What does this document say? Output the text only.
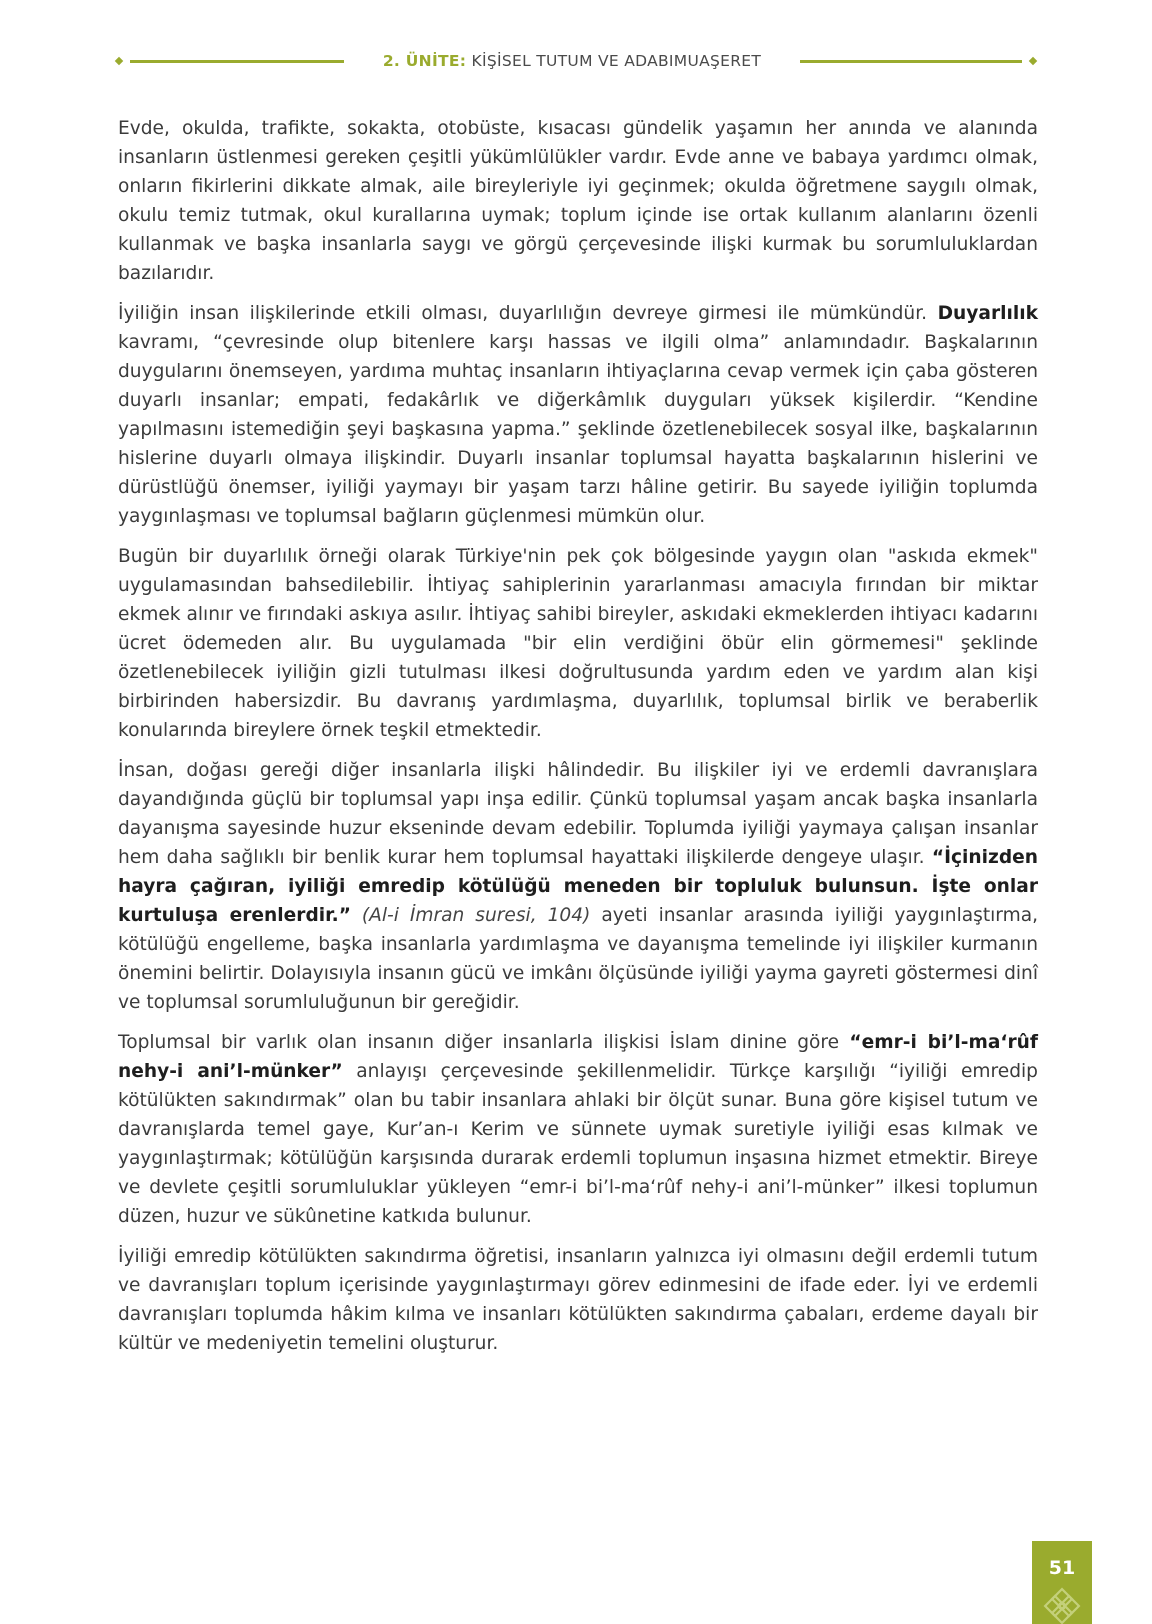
2. ÜNİTE: KİŞİSEL TUTUM VE ADABIMUAŞERET

Evde, okulda, trafikte, sokakta, otobüste, kısacası gündelik yaşamın her anında ve alanında insanların üstlenmesi gereken çeşitli yükümlülükler vardır. Evde anne ve babaya yardımcı olmak, onların fikirlerini dikkate almak, aile bireyleriyle iyi geçinmek; okulda öğretmene saygılı olmak, okulu temiz tutmak, okul kurallarına uymak; toplum içinde ise ortak kullanım alanlarını özenli kullanmak ve başka insanlarla saygı ve görgü çerçevesinde ilişki kurmak bu sorumluluklardan bazılarıdır.

İyiliğin insan ilişkilerinde etkili olması, duyarlılığın devreye girmesi ile mümkündür. Duyarlılık kavramı, “çevresinde olup bitenlere karşı hassas ve ilgili olma” anlamındadır. Başkalarının duygularını önemseyen, yardıma muhtaç insanların ihtiyaçlarına cevap vermek için çaba gösteren duyarlı insanlar; empati, fedakârlık ve diğerkâmlık duyguları yüksek kişilerdir. “Kendine yapılmasını istemediğin şeyi başkasına yapma.” şeklinde özetlenebilecek sosyal ilke, başkalarının hislerine duyarlı olmaya ilişkindir. Duyarlı insanlar toplumsal hayatta başkalarının hislerini ve dürüstlüğü önemser, iyiliği yaymayı bir yaşam tarzı hâline getirir. Bu sayede iyiliğin toplumda yaygınlaşması ve toplumsal bağların güçlenmesi mümkün olur.

Bugün bir duyarlılık örneği olarak Türkiye'nin pek çok bölgesinde yaygın olan "askıda ekmek" uygulamasından bahsedilebilir. İhtiyaç sahiplerinin yararlanması amacıyla fırından bir miktar ekmek alınır ve fırındaki askıya asılır. İhtiyaç sahibi bireyler, askıdaki ekmeklerden ihtiyacı kadarını ücret ödemeden alır. Bu uygulamada "bir elin verdiğini öbür elin görmemesi" şeklinde özetlenebilecek iyiliğin gizli tutulması ilkesi doğrultusunda yardım eden ve yardım alan kişi birbirinden habersizdir. Bu davranış yardımlaşma, duyarlılık, toplumsal birlik ve beraberlik konularında bireylere örnek teşkil etmektedir.

İnsan, doğası gereği diğer insanlarla ilişki hâlindedir. Bu ilişkiler iyi ve erdemli davranışlara dayandığında güçlü bir toplumsal yapı inşa edilir. Çünkü toplumsal yaşam ancak başka insanlarla dayanışma sayesinde huzur ekseninde devam edebilir. Toplumda iyiliği yaymaya çalışan insanlar hem daha sağlıklı bir benlik kurar hem toplumsal hayattaki ilişkilerde dengeye ulaşır. “İçinizden hayra çağıran, iyiliği emredip kötülüğü meneden bir topluluk bulunsun. İşte onlar kurtuluşa erenlerdir.” (Al-i İmran suresi, 104) ayeti insanlar arasında iyiliği yaygınlaştırma, kötülüğü engelleme, başka insanlarla yardımlaşma ve dayanışma temelinde iyi ilişkiler kurmanın önemini belirtir. Dolayısıyla insanın gücü ve imkânı ölçüsünde iyiliği yayma gayreti göstermesi dinî ve toplumsal sorumluluğunun bir gereğidir.

Toplumsal bir varlık olan insanın diğer insanlarla ilişkisi İslam dinine göre “emr-i bi’l-ma‘rûf nehy-i ani’l-münker” anlayışı çerçevesinde şekillenmelidir. Türkçe karşılığı “iyiliği emredip kötülükten sakındırmak” olan bu tabir insanlara ahlaki bir ölçüt sunar. Buna göre kişisel tutum ve davranışlarda temel gaye, Kur’an-ı Kerim ve sünnete uymak suretiyle iyiliği esas kılmak ve yaygınlaştırmak; kötülüğün karşısında durarak erdemli toplumun inşasına hizmet etmektir. Bireye ve devlete çeşitli sorumluluklar yükleyen “emr-i bi’l-ma‘rûf nehy-i ani’l-münker” ilkesi toplumun düzen, huzur ve sükûnetine katkıda bulunur.

İyiliği emredip kötülükten sakındırma öğretisi, insanların yalnızca iyi olmasını değil erdemli tutum ve davranışları toplum içerisinde yaygınlaştırmayı görev edinmesini de ifade eder. İyi ve erdemli davranışları toplumda hâkim kılma ve insanları kötülükten sakındırma çabaları, erdeme dayalı bir kültür ve medeniyetin temelini oluşturur.

51
